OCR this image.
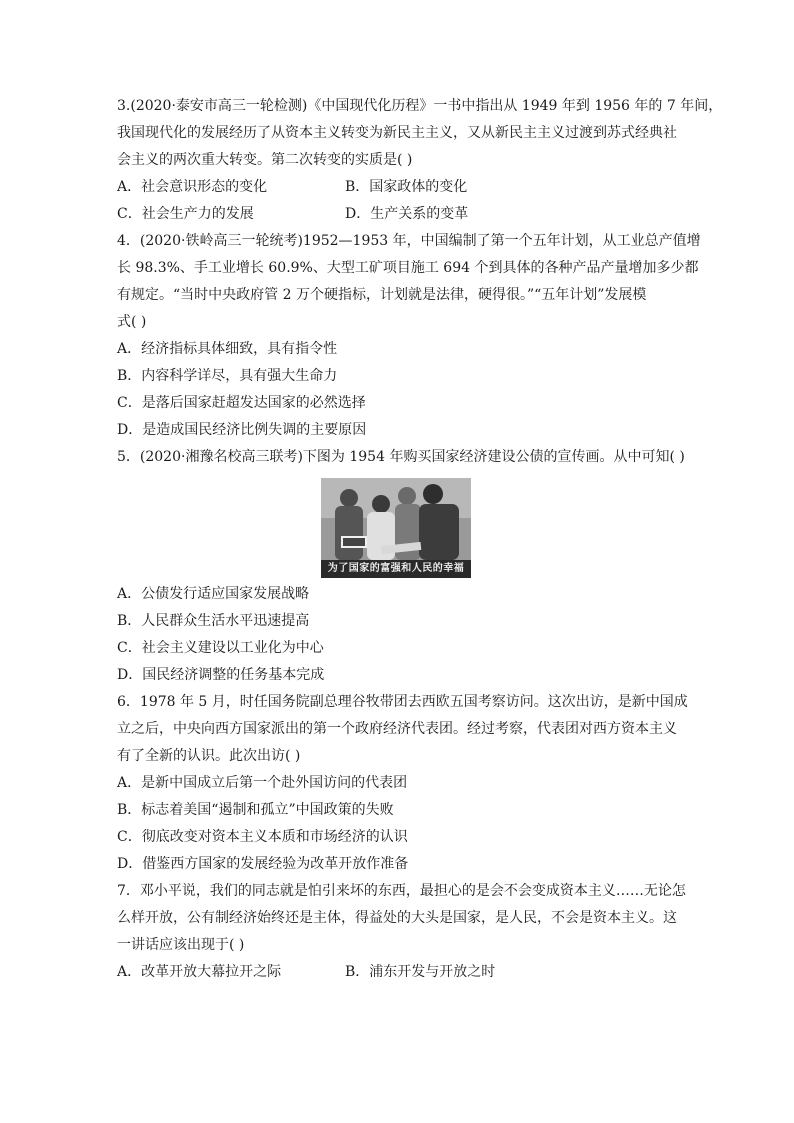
3.(2020·泰安市高三一轮检测)《中国现代化历程》一书中指出从 1949 年到 1956 年的 7 年间，

我国现代化的发展经历了从资本主义转变为新民主主义，又从新民主主义过渡到苏式经典社

会主义的两次重大转变。第二次转变的实质是( )

A．社会意识形态的变化	B．国家政体的变化
C．社会生产力的发展	D．生产关系的变革

4．(2020·铁岭高三一轮统考)1952—1953 年，中国编制了第一个五年计划，从工业总产值增

长 98.3%、手工业增长 60.9%、大型工矿项目施工 694 个到具体的各种产品产量增加多少都

有规定。“当时中央政府管 2 万个硬指标，计划就是法律，硬得很。”“五年计划”发展模

式( )

A．经济指标具体细致，具有指令性

B．内容科学详尽，具有强大生命力

C．是落后国家赶超发达国家的必然选择

D．是造成国民经济比例失调的主要原因

5．(2020·湘豫名校高三联考)下图为 1954 年购买国家经济建设公债的宣传画。从中可知( )

为了国家的富强和人民的幸福

A．公债发行适应国家发展战略

B．人民群众生活水平迅速提高

C．社会主义建设以工业化为中心

D．国民经济调整的任务基本完成

6．1978 年 5 月，时任国务院副总理谷牧带团去西欧五国考察访问。这次出访，是新中国成

立之后，中央向西方国家派出的第一个政府经济代表团。经过考察，代表团对西方资本主义

有了全新的认识。此次出访( )

A．是新中国成立后第一个赴外国访问的代表团

B．标志着美国“遏制和孤立”中国政策的失败

C．彻底改变对资本主义本质和市场经济的认识

D．借鉴西方国家的发展经验为改革开放作准备

7．邓小平说，我们的同志就是怕引来坏的东西，最担心的是会不会变成资本主义……无论怎

么样开放，公有制经济始终还是主体，得益处的大头是国家，是人民，不会是资本主义。这

一讲话应该出现于( )

A．改革开放大幕拉开之际	B．浦东开发与开放之时
